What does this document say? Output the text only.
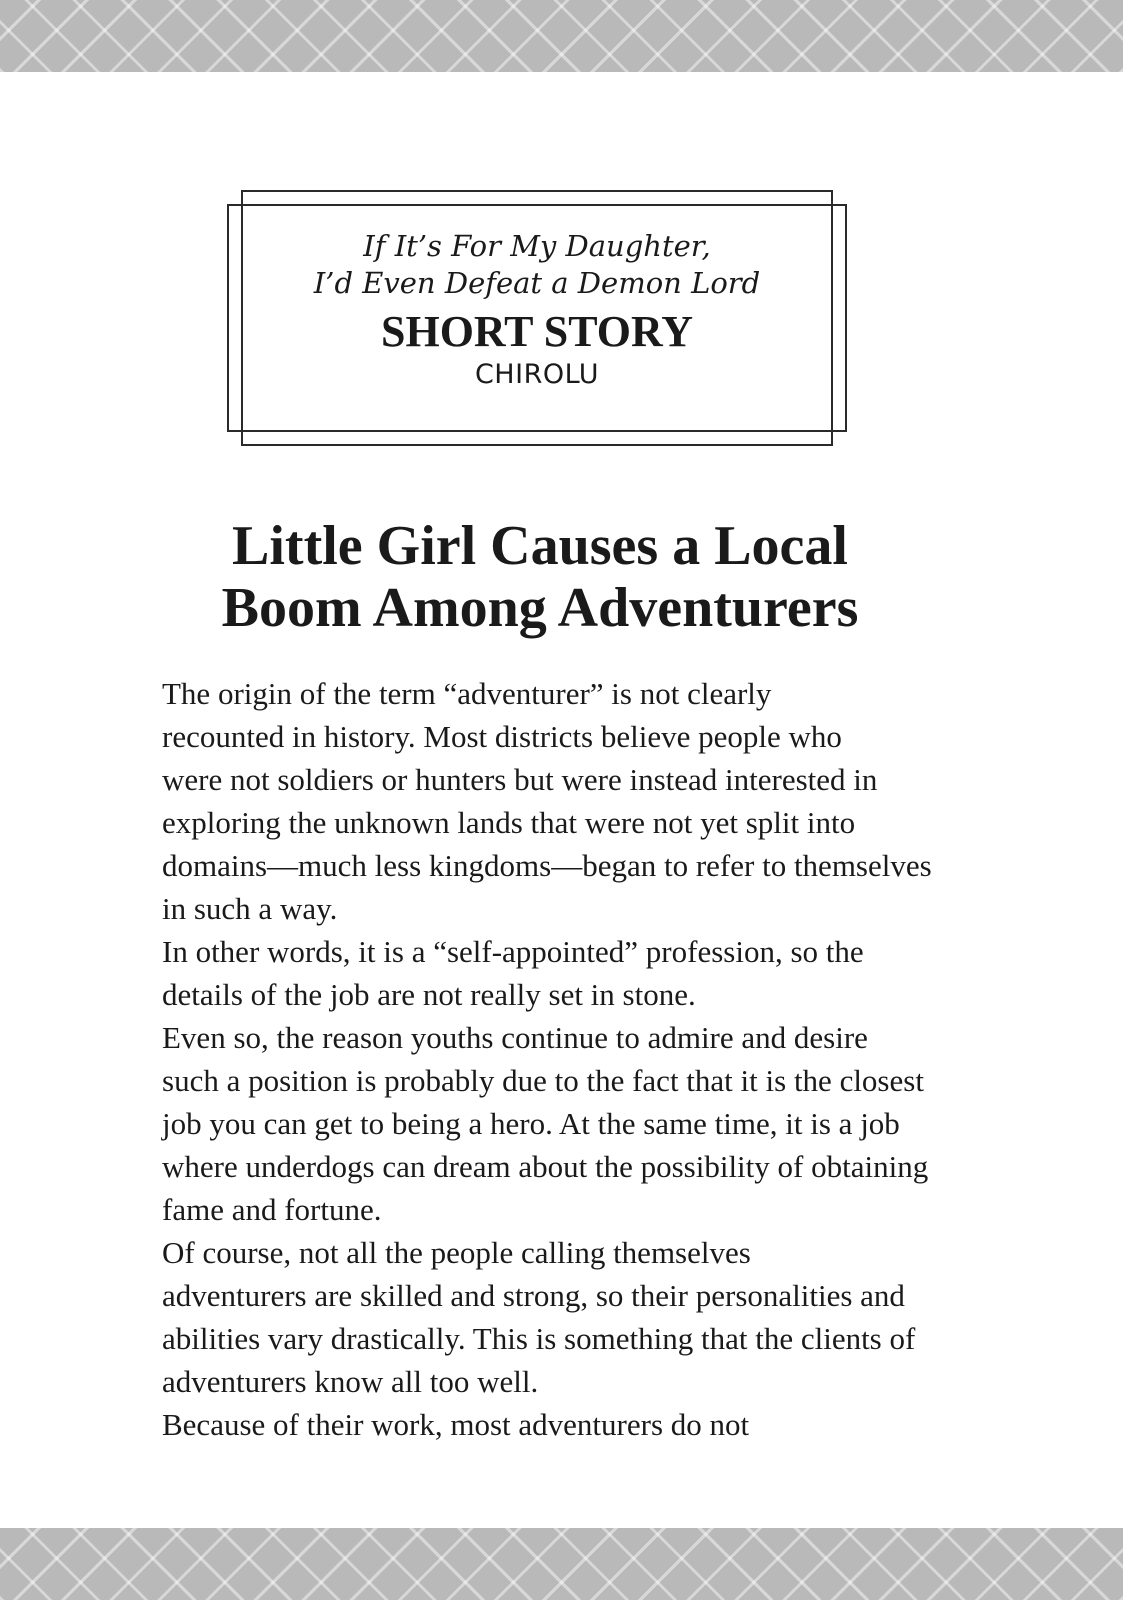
If It’s For My Daughter,
I’d Even Defeat a Demon Lord
SHORT STORY
CHIROLU
Little Girl Causes a Local
Boom Among Adventurers

The origin of the term “adventurer” is not clearly
recounted in history. Most districts believe people who
were not soldiers or hunters but were instead interested in
exploring the unknown lands that were not yet split into
domains—much less kingdoms—began to refer to themselves
in such a way.

In other words, it is a “self-appointed” profession, so the
details of the job are not really set in stone.

Even so, the reason youths continue to admire and desire
such a position is probably due to the fact that it is the closest
job you can get to being a hero. At the same time, it is a job
where underdogs can dream about the possibility of obtaining
fame and fortune.

Of course, not all the people calling themselves
adventurers are skilled and strong, so their personalities and
abilities vary drastically. This is something that the clients of
adventurers know all too well.

Because of their work, most adventurers do not
